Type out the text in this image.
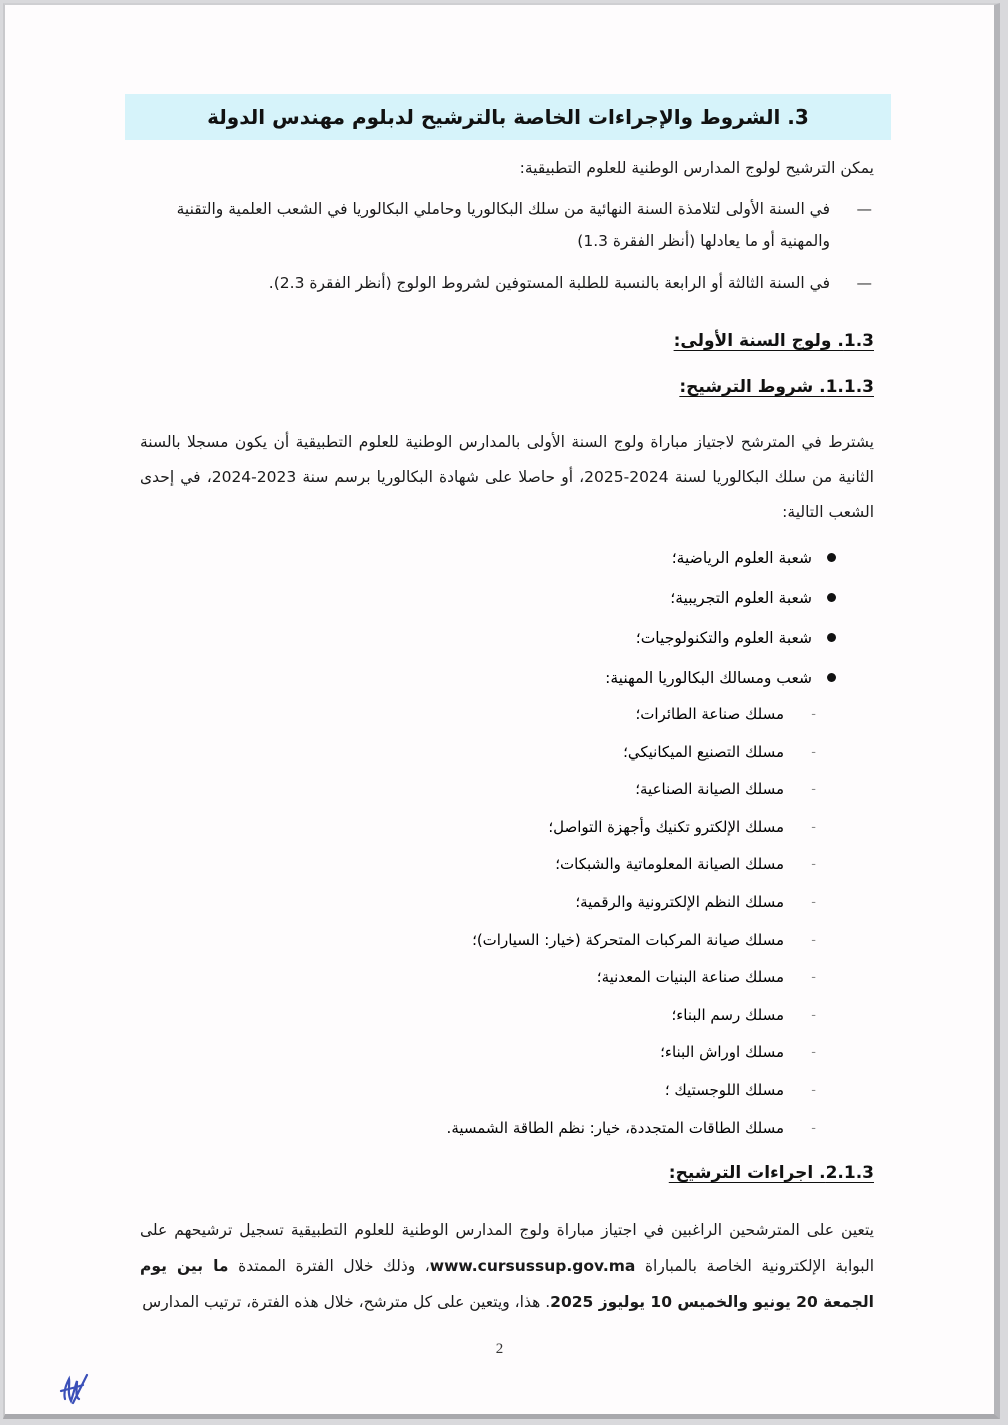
3. الشروط والإجراءات الخاصة بالترشيح لدبلوم مهندس الدولة
يمكن الترشيح لولوج المدارس الوطنية للعلوم التطبيقية:
—
في السنة الأولى لتلامذة السنة النهائية من سلك البكالوريا وحاملي البكالوريا في الشعب العلمية والتقنية والمهنية أو ما يعادلها (أنظر الفقرة 1.3)
—
في السنة الثالثة أو الرابعة بالنسبة للطلبة المستوفين لشروط الولوج (أنظر الفقرة 2.3).
1.3. ولوج السنة الأولى:
1.1.3. شروط الترشيح:
يشترط في المترشح لاجتياز مباراة ولوج السنة الأولى بالمدارس الوطنية للعلوم التطبيقية أن يكون مسجلا بالسنة الثانية من سلك البكالوريا لسنة 2024-2025، أو حاصلا على شهادة البكالوريا برسم سنة 2023-2024، في إحدى الشعب التالية:
شعبة العلوم الرياضية؛
شعبة العلوم التجريبية؛
شعبة العلوم والتكنولوجيات؛
شعب ومسالك البكالوريا المهنية:
-
مسلك صناعة الطائرات؛
-
مسلك التصنيع الميكانيكي؛
-
مسلك الصيانة الصناعية؛
-
مسلك الإلكترو تكنيك وأجهزة التواصل؛
-
مسلك الصيانة المعلوماتية والشبكات؛
-
مسلك النظم الإلكترونية والرقمية؛
-
مسلك صيانة المركبات المتحركة (خيار: السيارات)؛
-
مسلك صناعة البنيات المعدنية؛
-
مسلك رسم البناء؛
-
مسلك اوراش البناء؛
-
مسلك اللوجستيك ؛
-
مسلك الطاقات المتجددة، خيار: نظم الطاقة الشمسية.
2.1.3. اجراءات الترشيح:
يتعين على المترشحين الراغبين في اجتياز مباراة ولوج المدارس الوطنية للعلوم التطبيقية تسجيل ترشيحهم على البوابة الإلكترونية الخاصة بالمباراة www.cursussup.gov.ma، وذلك خلال الفترة الممتدة ما بين يوم الجمعة 20 يونيو والخميس 10 يوليوز 2025. هذا، ويتعين على كل مترشح، خلال هذه الفترة، ترتيب المدارس
2
